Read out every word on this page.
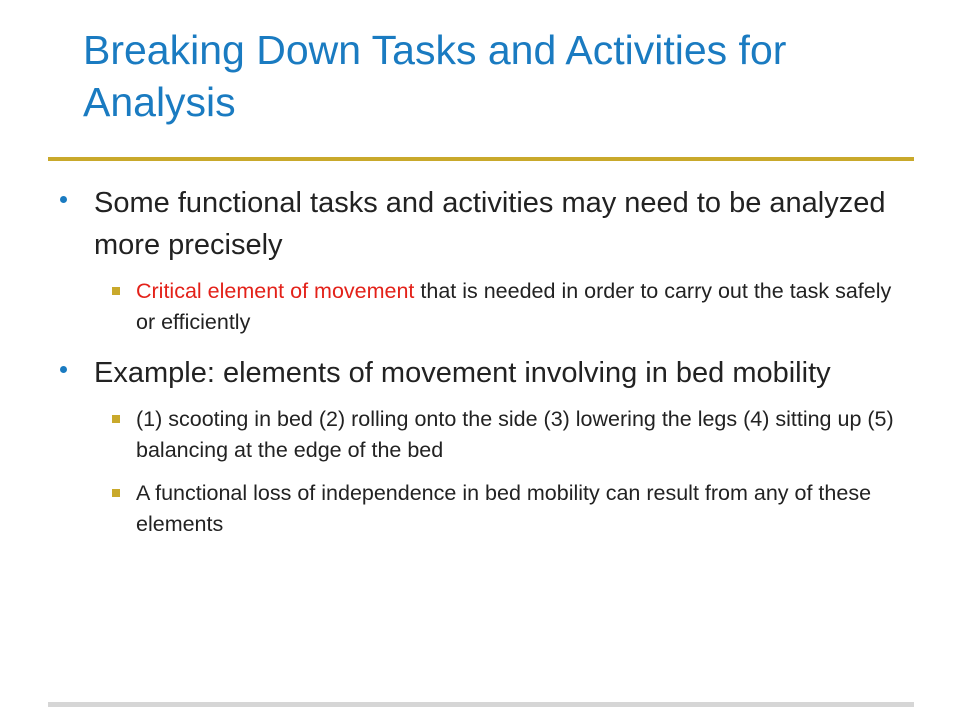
Breaking Down Tasks and Activities for Analysis
Some functional tasks and activities may need to be analyzed more precisely
Critical element of movement that is needed in order to carry out the task safely or efficiently
Example: elements of movement involving in bed mobility
(1) scooting in bed (2) rolling onto the side (3) lowering the legs (4) sitting up (5) balancing at the edge of the bed
A functional loss of independence in bed mobility can result from any of these elements
